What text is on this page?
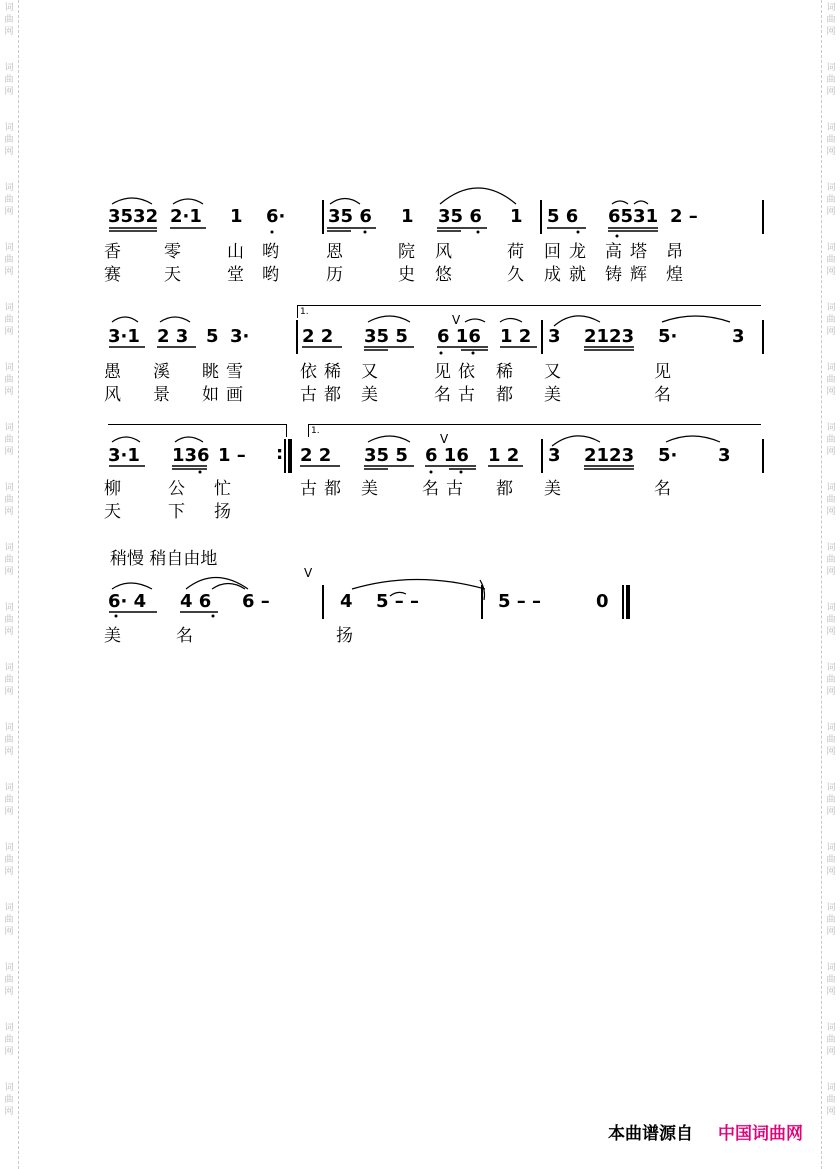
词
曲
网
词
曲
网
词
曲
网
词
曲
网
词
曲
网
词
曲
网
词
曲
网
词
曲
网
词
曲
网
词
曲
网
词
曲
网
词
曲
网
词
曲
网
词
曲
网
词
曲
网
词
曲
网
词
曲
网
词
曲
网
词
曲
网
词
曲
网
词
曲
网
词
曲
网
词
曲
网
词
曲
网
词
曲
网
词
曲
网
词
曲
网
词
曲
网
词
曲
网
词
曲
网
词
曲
网
词
曲
网
词
曲
网
词
曲
网
词
曲
网
词
曲
网
词
曲
网
词
曲
网
3532 2·1 1 6· 35 6 1 35 6 1 5 6 6531 2 –
香	零	山 哟	恩	院 风	荷 回 龙 高 塔 昂
赛	天	堂 哟	历	史 悠	久 成 就 铸 辉 煌
1.
V
3·1 2 3 5 3·	2 2 35 5 6 16 1 2 3 2123 5·	3
愚 溪 眺 雪	依 稀 又	见 依 稀 又	见
风 景 如 画	古 都 美	名 古 都 美	名
1.
V
3·1 136 1 – : 2 2 35 5 6 16 1 2 3 2123 5· 3
柳	公 忙	古 都 美	名 古 都 美	名
天	下 扬
稍慢 稍自由地
V
6· 4 4 6 6 –	4 5 – –	5 – –	0
美	名	扬
本曲谱源自 中国词曲网
